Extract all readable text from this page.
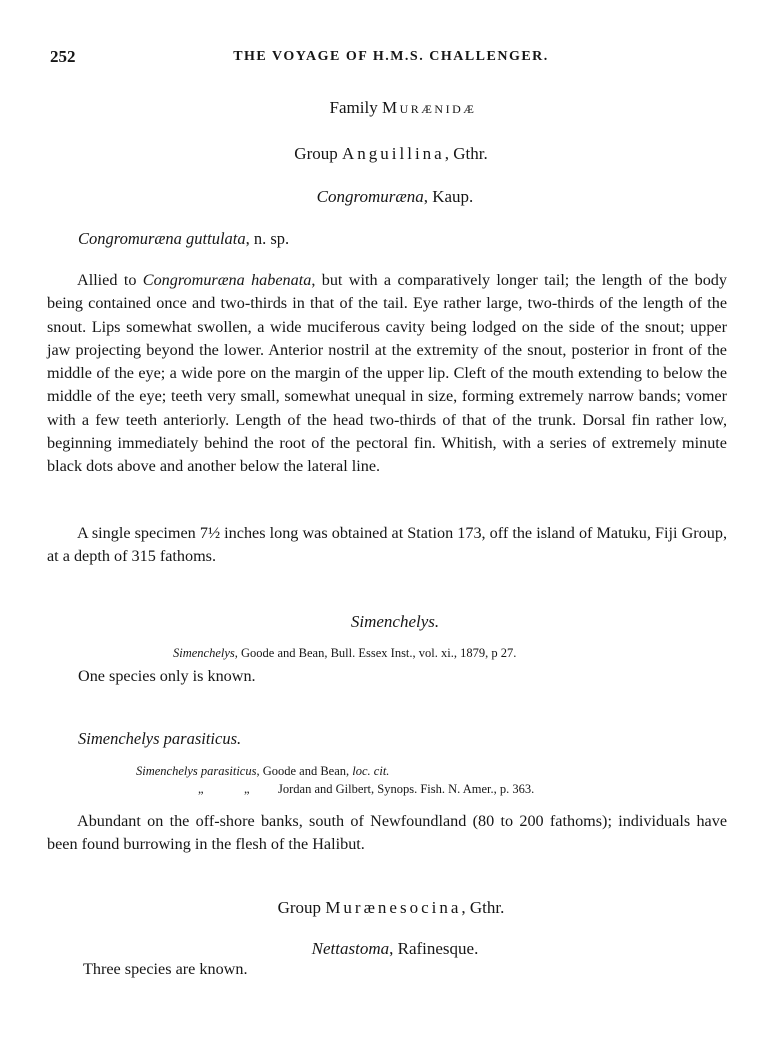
252	THE VOYAGE OF H.M.S. CHALLENGER.
Family Murænidæ
Group Anguillina, Gthr.
Congromuræna, Kaup.
Congromuræna guttulata, n. sp.
Allied to Congromuræna habenata, but with a comparatively longer tail; the length of the body being contained once and two-thirds in that of the tail. Eye rather large, two-thirds of the length of the snout. Lips somewhat swollen, a wide muciferous cavity being lodged on the side of the snout; upper jaw projecting beyond the lower. Anterior nostril at the extremity of the snout, posterior in front of the middle of the eye; a wide pore on the margin of the upper lip. Cleft of the mouth extending to below the middle of the eye; teeth very small, somewhat unequal in size, forming extremely narrow bands; vomer with a few teeth anteriorly. Length of the head two-thirds of that of the trunk. Dorsal fin rather low, beginning immediately behind the root of the pectoral fin. Whitish, with a series of extremely minute black dots above and another below the lateral line.
A single specimen 7½ inches long was obtained at Station 173, off the island of Matuku, Fiji Group, at a depth of 315 fathoms.
Simenchelys.
Simenchelys, Goode and Bean, Bull. Essex Inst., vol. xi., 1879, p 27.
One species only is known.
Simenchelys parasiticus.
Simenchelys parasiticus, Goode and Bean, loc. cit.
„	„ Jordan and Gilbert, Synops. Fish. N. Amer., p. 363.
Abundant on the off-shore banks, south of Newfoundland (80 to 200 fathoms); individuals have been found burrowing in the flesh of the Halibut.
Group Murænesocina, Gthr.
Nettastoma, Rafinesque.
Three species are known.
